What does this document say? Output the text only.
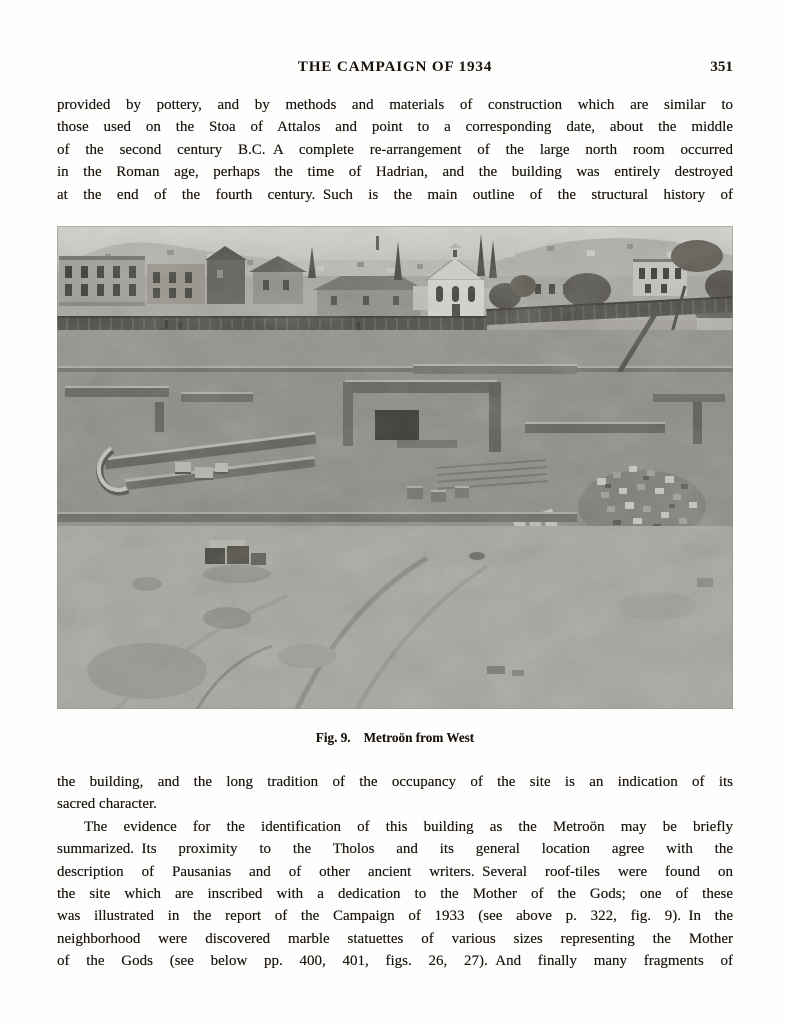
THE CAMPAIGN OF 1934	351
provided by pottery, and by methods and materials of construction which are similar to
those used on the Stoa of Attalos and point to a corresponding date, about the middle
of the second century B.C. A complete re-arrangement of the large north room occurred
in the Roman age, perhaps the time of Hadrian, and the building was entirely destroyed
at the end of the fourth century. Such is the main outline of the structural history of
Fig. 9. Metroön from West
the building, and the long tradition of the occupancy of the site is an indication of its
sacred character.
The evidence for the identification of this building as the Metroön may be briefly
summarized. Its proximity to the Tholos and its general location agree with the
description of Pausanias and of other ancient writers. Several roof-tiles were found on
the site which are inscribed with a dedication to the Mother of the Gods; one of these
was illustrated in the report of the Campaign of 1933 (see above p. 322, fig. 9). In the
neighborhood were discovered marble statuettes of various sizes representing the Mother
of the Gods (see below pp. 400, 401, figs. 26, 27). And finally many fragments of
